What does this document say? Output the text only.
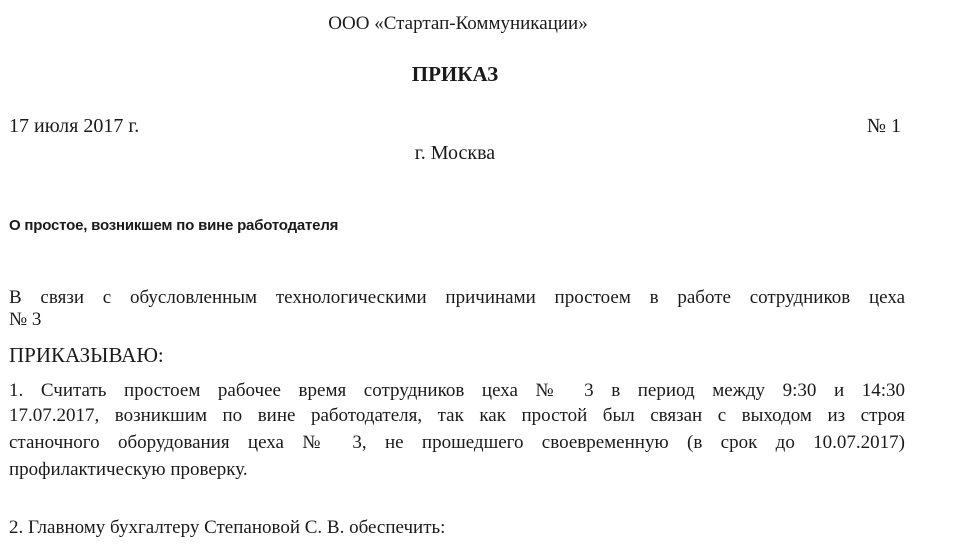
ООО «Стартап-Коммуникации»
ПРИКАЗ
17 июля 2017 г.	№ 1
г. Москва
О простое, возникшем по вине работодателя
В связи с обусловленным технологическими причинами простоем в работе сотрудников цеха
№ 3
ПРИКАЗЫВАЮ:
1. Считать простоем рабочее время сотрудников цеха № 3 в период между 9:30 и 14:30
17.07.2017, возникшим по вине работодателя, так как простой был связан с выходом из строя
станочного оборудования цеха № 3, не прошедшего своевременную (в срок до 10.07.2017)
профилактическую проверку.
2. Главному бухгалтеру Степановой С. В. обеспечить:
